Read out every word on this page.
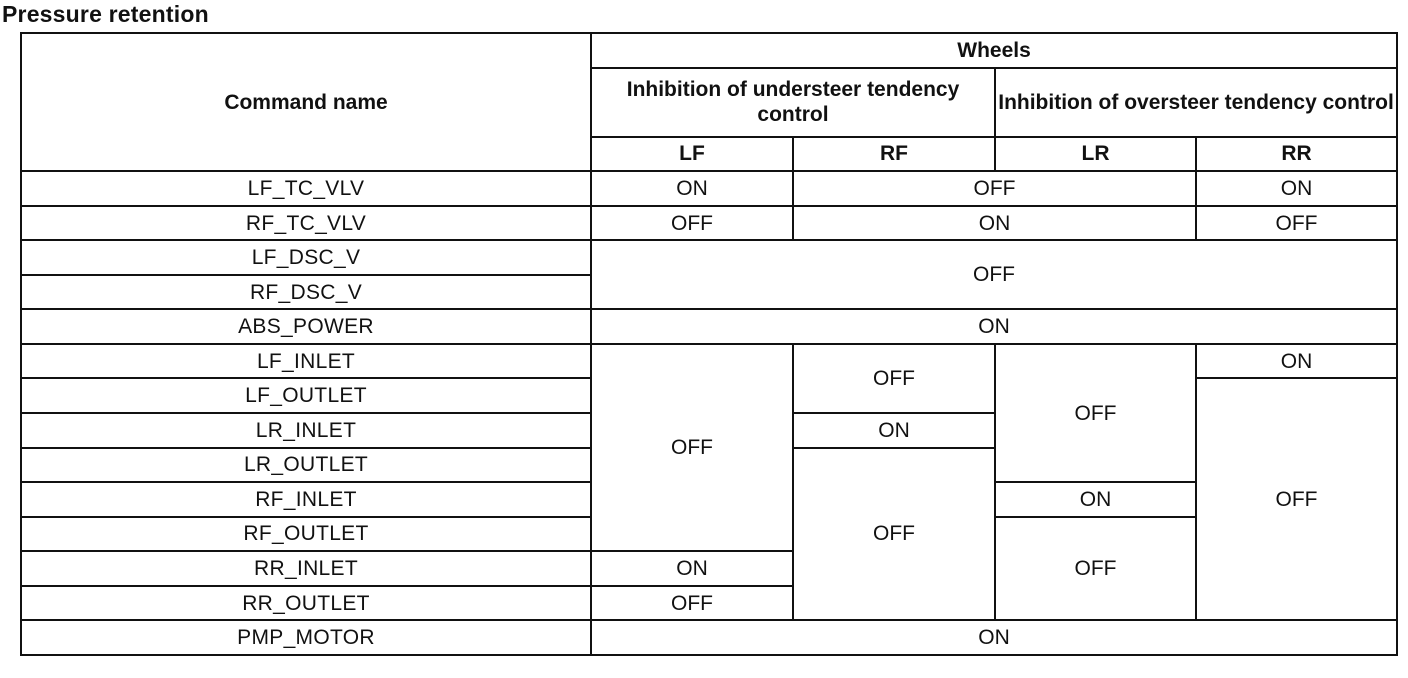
Pressure retention
Command name	Wheels			
	Inhibition of understeer tendency control		Inhibition of oversteer tendency control	
	LF	RF	LR	RR
LF_TC_VLV	ON	OFF		ON
RF_TC_VLV	OFF	ON		OFF
LF_DSC_V	OFF			
RF_DSC_V				
ABS_POWER	ON			
LF_INLET	OFF	OFF	OFF	ON
LF_OUTLET				OFF
LR_INLET		ON		
LR_OUTLET		OFF		
RF_INLET			ON	
RF_OUTLET			OFF	
RR_INLET	ON			
RR_OUTLET	OFF			
PMP_MOTOR	ON			
